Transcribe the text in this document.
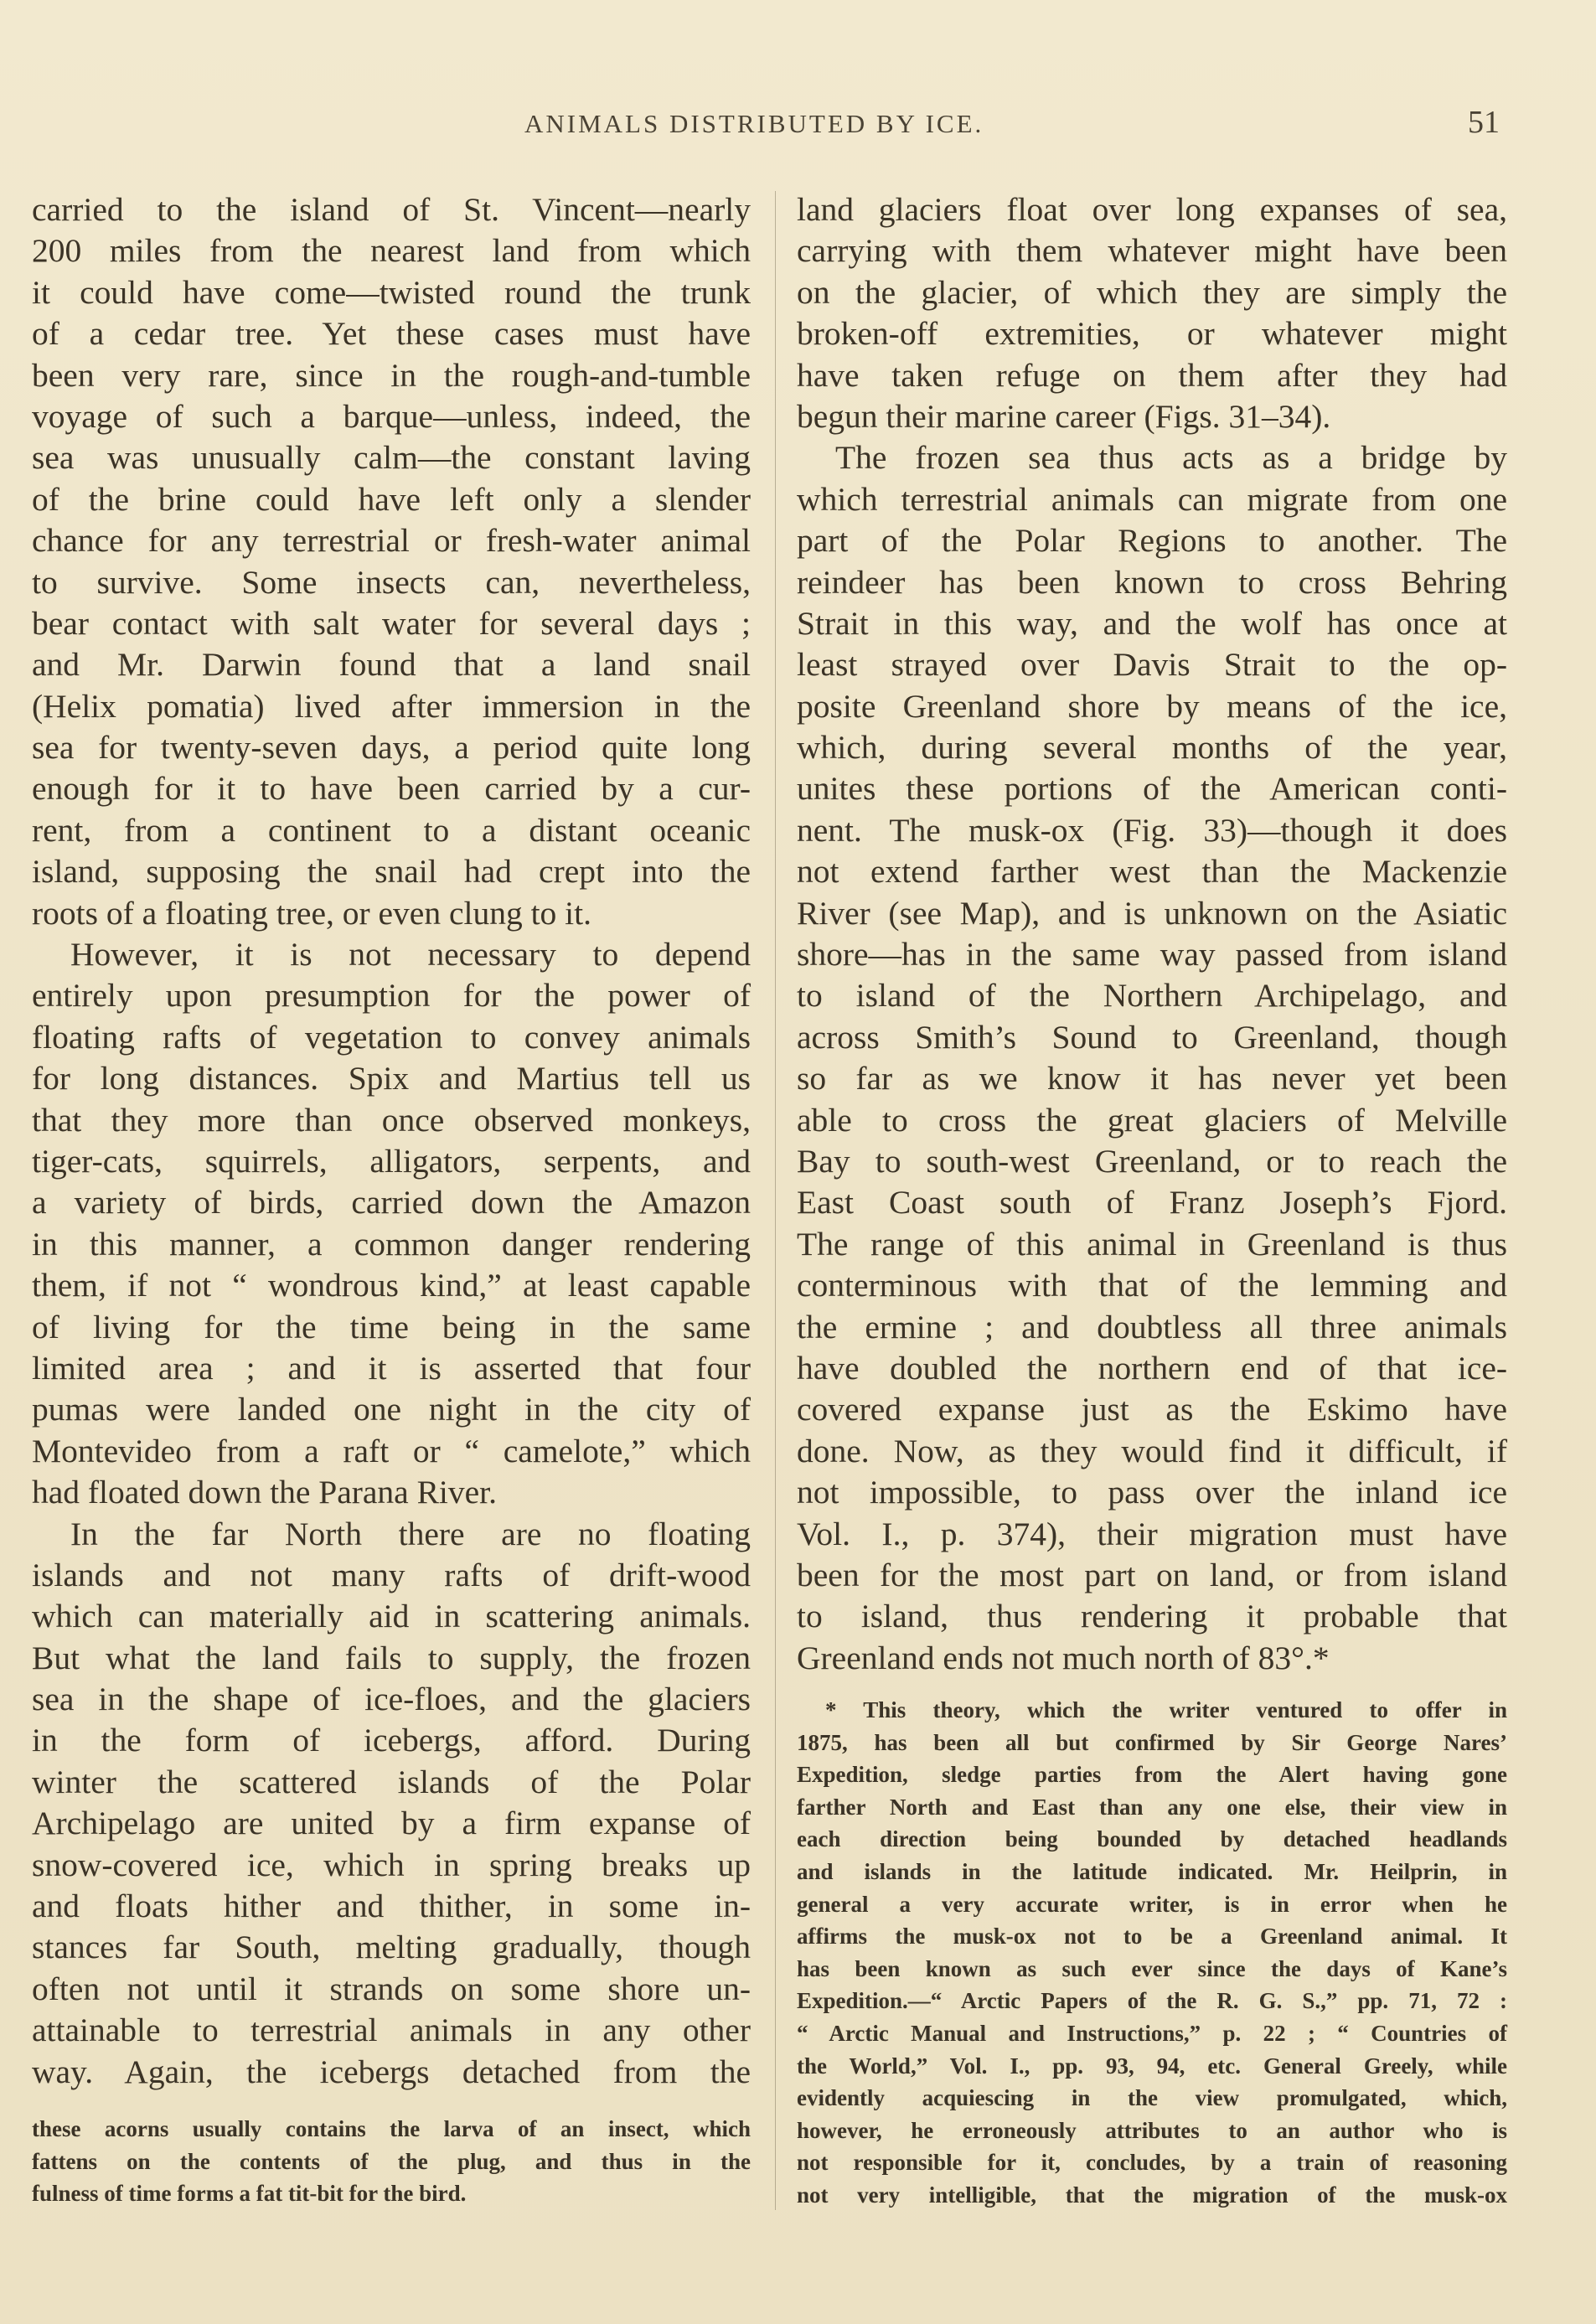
ANIMALS DISTRIBUTED BY ICE.	51
carried to the island of St. Vincent—nearly
200 miles from the nearest land from which
it could have come—twisted round the trunk
of a cedar tree. Yet these cases must have
been very rare, since in the rough-and-tumble
voyage of such a barque—unless, indeed, the
sea was unusually calm—the constant laving
of the brine could have left only a slender
chance for any terrestrial or fresh-water animal
to survive. Some insects can, nevertheless,
bear contact with salt water for several days ;
and Mr. Darwin found that a land snail
(Helix pomatia) lived after immersion in the
sea for twenty-seven days, a period quite long
enough for it to have been carried by a cur-
rent, from a continent to a distant oceanic
island, supposing the snail had crept into the
roots of a floating tree, or even clung to it.
However, it is not necessary to depend
entirely upon presumption for the power of
floating rafts of vegetation to convey animals
for long distances. Spix and Martius tell us
that they more than once observed monkeys,
tiger-cats, squirrels, alligators, serpents, and
a variety of birds, carried down the Amazon
in this manner, a common danger rendering
them, if not “ wondrous kind,” at least capable
of living for the time being in the same
limited area ; and it is asserted that four
pumas were landed one night in the city of
Montevideo from a raft or “ camelote,” which
had floated down the Parana River.
In the far North there are no floating
islands and not many rafts of drift-wood
which can materially aid in scattering animals.
But what the land fails to supply, the frozen
sea in the shape of ice-floes, and the glaciers
in the form of icebergs, afford. During
winter the scattered islands of the Polar
Archipelago are united by a firm expanse of
snow-covered ice, which in spring breaks up
and floats hither and thither, in some in-
stances far South, melting gradually, though
often not until it strands on some shore un-
attainable to terrestrial animals in any other
way. Again, the icebergs detached from the
land glaciers float over long expanses of sea,
carrying with them whatever might have been
on the glacier, of which they are simply the
broken-off extremities, or whatever might
have taken refuge on them after they had
begun their marine career (Figs. 31–34).
The frozen sea thus acts as a bridge by
which terrestrial animals can migrate from one
part of the Polar Regions to another. The
reindeer has been known to cross Behring
Strait in this way, and the wolf has once at
least strayed over Davis Strait to the op-
posite Greenland shore by means of the ice,
which, during several months of the year,
unites these portions of the American conti-
nent. The musk-ox (Fig. 33)—though it does
not extend farther west than the Mackenzie
River (see Map), and is unknown on the Asiatic
shore—has in the same way passed from island
to island of the Northern Archipelago, and
across Smith’s Sound to Greenland, though
so far as we know it has never yet been
able to cross the great glaciers of Melville
Bay to south-west Greenland, or to reach the
East Coast south of Franz Joseph’s Fjord.
The range of this animal in Greenland is thus
conterminous with that of the lemming and
the ermine ; and doubtless all three animals
have doubled the northern end of that ice-
covered expanse just as the Eskimo have
done. Now, as they would find it difficult, if
not impossible, to pass over the inland ice
Vol. I., p. 374), their migration must have
been for the most part on land, or from island
to island, thus rendering it probable that
Greenland ends not much north of 83°.*
these acorns usually contains the larva of an insect, which
fattens on the contents of the plug, and thus in the
fulness of time forms a fat tit-bit for the bird.
* This theory, which the writer ventured to offer in
1875, has been all but confirmed by Sir George Nares’
Expedition, sledge parties from the Alert having gone
farther North and East than any one else, their view in
each direction being bounded by detached headlands
and islands in the latitude indicated. Mr. Heilprin, in
general a very accurate writer, is in error when he
affirms the musk-ox not to be a Greenland animal. It
has been known as such ever since the days of Kane’s
Expedition.—“ Arctic Papers of the R. G. S.,” pp. 71, 72 :
“ Arctic Manual and Instructions,” p. 22 ; “ Countries of
the World,” Vol. I., pp. 93, 94, etc. General Greely, while
evidently acquiescing in the view promulgated, which,
however, he erroneously attributes to an author who is
not responsible for it, concludes, by a train of reasoning
not very intelligible, that the migration of the musk-ox
